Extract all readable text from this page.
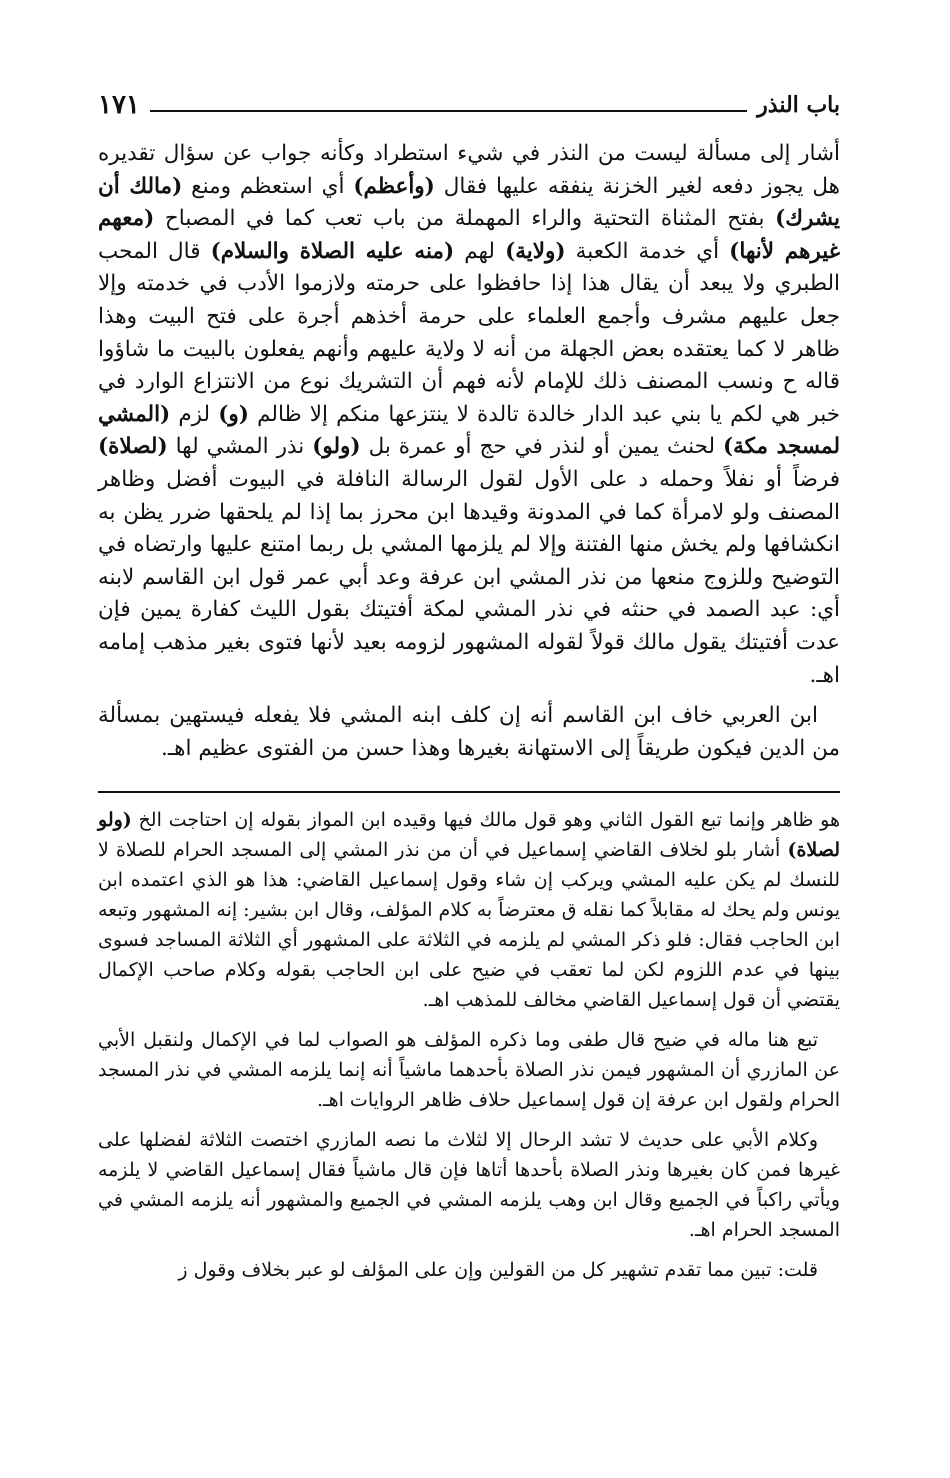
باب النذر
١٧١

أشار إلى مسألة ليست من النذر في شيء استطراد وكأنه جواب عن سؤال تقديره هل يجوز دفعه لغير الخزنة ينفقه عليها فقال (وأعظم) أي استعظم ومنع (مالك أن يشرك) بفتح المثناة التحتية والراء المهملة من باب تعب كما في المصباح (معهم غيرهم لأنها) أي خدمة الكعبة (ولاية) لهم (منه عليه الصلاة والسلام) قال المحب الطبري ولا يبعد أن يقال هذا إذا حافظوا على حرمته ولازموا الأدب في خدمته وإلا جعل عليهم مشرف وأجمع العلماء على حرمة أخذهم أجرة على فتح البيت وهذا ظاهر لا كما يعتقده بعض الجهلة من أنه لا ولاية عليهم وأنهم يفعلون بالبيت ما شاؤوا قاله ح ونسب المصنف ذلك للإمام لأنه فهم أن التشريك نوع من الانتزاع الوارد في خبر هي لكم يا بني عبد الدار خالدة تالدة لا ينتزعها منكم إلا ظالم (و) لزم (المشي لمسجد مكة) لحنث يمين أو لنذر في حج أو عمرة بل (ولو) نذر المشي لها (لصلاة) فرضاً أو نفلاً وحمله د على الأول لقول الرسالة النافلة في البيوت أفضل وظاهر المصنف ولو لامرأة كما في المدونة وقيدها ابن محرز بما إذا لم يلحقها ضرر يظن به انكشافها ولم يخش منها الفتنة وإلا لم يلزمها المشي بل ربما امتنع عليها وارتضاه في التوضيح وللزوج منعها من نذر المشي ابن عرفة وعد أبي عمر قول ابن القاسم لابنه أي: عبد الصمد في حنثه في نذر المشي لمكة أفتيتك بقول الليث كفارة يمين فإن عدت أفتيتك يقول مالك قولاً لقوله المشهور لزومه بعيد لأنها فتوى بغير مذهب إمامه اهـ.

ابن العربي خاف ابن القاسم أنه إن كلف ابنه المشي فلا يفعله فيستهين بمسألة من الدين فيكون طريقاً إلى الاستهانة بغيرها وهذا حسن من الفتوى عظيم اهـ.

هو ظاهر وإنما تبع القول الثاني وهو قول مالك فيها وقيده ابن المواز بقوله إن احتاجت الخ (ولو لصلاة) أشار بلو لخلاف القاضي إسماعيل في أن من نذر المشي إلى المسجد الحرام للصلاة لا للنسك لم يكن عليه المشي ويركب إن شاء وقول إسماعيل القاضي: هذا هو الذي اعتمده ابن يونس ولم يحك له مقابلاً كما نقله ق معترضاً به كلام المؤلف، وقال ابن بشير: إنه المشهور وتبعه ابن الحاجب فقال: فلو ذكر المشي لم يلزمه في الثلاثة على المشهور أي الثلاثة المساجد فسوى بينها في عدم اللزوم لكن لما تعقب في ضيح على ابن الحاجب بقوله وكلام صاحب الإكمال يقتضي أن قول إسماعيل القاضي مخالف للمذهب اهـ.

تبع هنا ماله في ضيح قال طفى وما ذكره المؤلف هو الصواب لما في الإكمال ولنقبل الأبي عن المازري أن المشهور فيمن نذر الصلاة بأحدهما ماشياً أنه إنما يلزمه المشي في نذر المسجد الحرام ولقول ابن عرفة إن قول إسماعيل حلاف ظاهر الروايات اهـ.

وكلام الأبي على حديث لا تشد الرحال إلا لثلاث ما نصه المازري اختصت الثلاثة لفضلها على غيرها فمن كان بغيرها ونذر الصلاة بأحدها أتاها فإن قال ماشياً فقال إسماعيل القاضي لا يلزمه ويأتي راكباً في الجميع وقال ابن وهب يلزمه المشي في الجميع والمشهور أنه يلزمه المشي في المسجد الحرام اهـ.

قلت: تبين مما تقدم تشهير كل من القولين وإن على المؤلف لو عبر بخلاف وقول ز
